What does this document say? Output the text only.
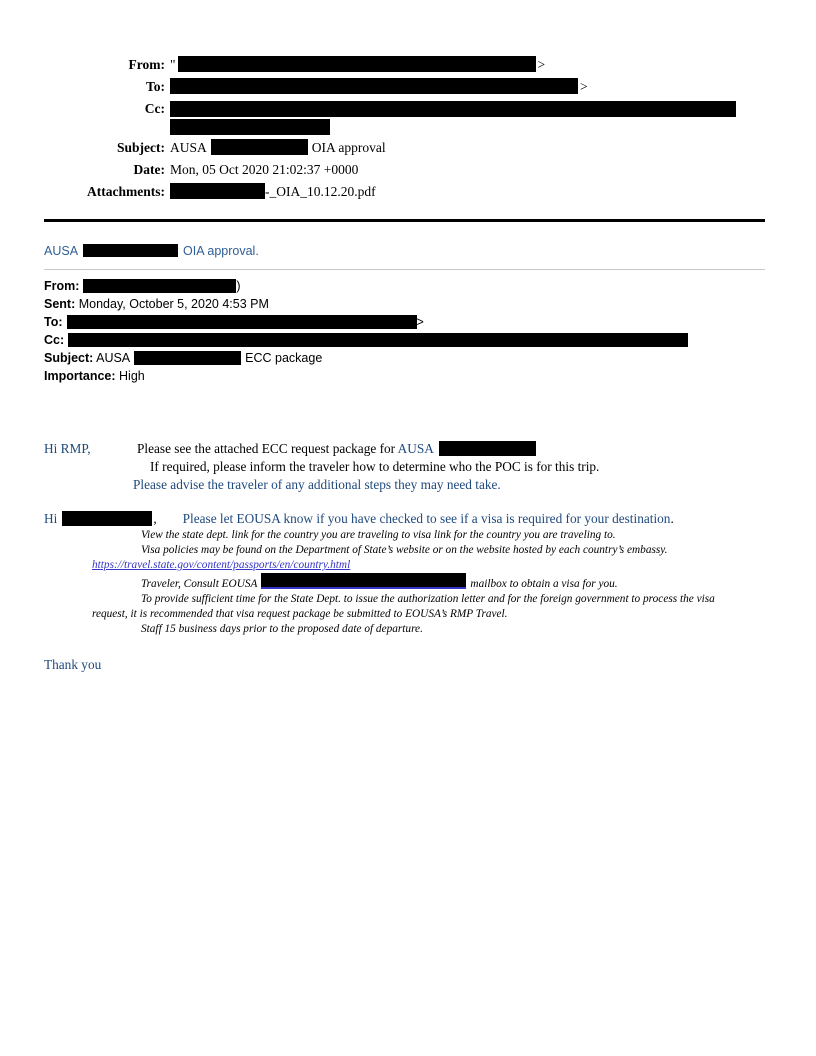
From:	" >
To:	>
Cc:	

Subject:	AUSA OIA approval
Date:	Mon, 05 Oct 2020 21:02:37 +0000
Attachments:	-_OIA_10.12.20.pdf
AUSA	OIA approval.
From:	)
Sent: Monday, October 5, 2020 4:53 PM
To:	>
Cc:
Subject: AUSA	ECC package
Importance: High
Hi RMP,	Please see the attached ECC request package for AUSA
If required, please inform the traveler how to determine who the POC is for this trip.
Please advise the traveler of any additional steps they may need take.
Hi	, Please let EOUSA know if you have checked to see if a visa is required for your destination.
View the state dept. link for the country you are traveling to visa link for the country you are traveling to.
Visa policies may be found on the Department of State’s website or on the website hosted by each country’s embassy.
https://travel.state.gov/content/passports/en/country.html
Traveler, Consult EOUSA	mailbox to obtain a visa for you.
To provide sufficient time for the State Dept. to issue the authorization letter and for the foreign government to process the visa
request, it is recommended that visa request package be submitted to EOUSA’s RMP Travel.
Staff 15 business days prior to the proposed date of departure.
Thank you
